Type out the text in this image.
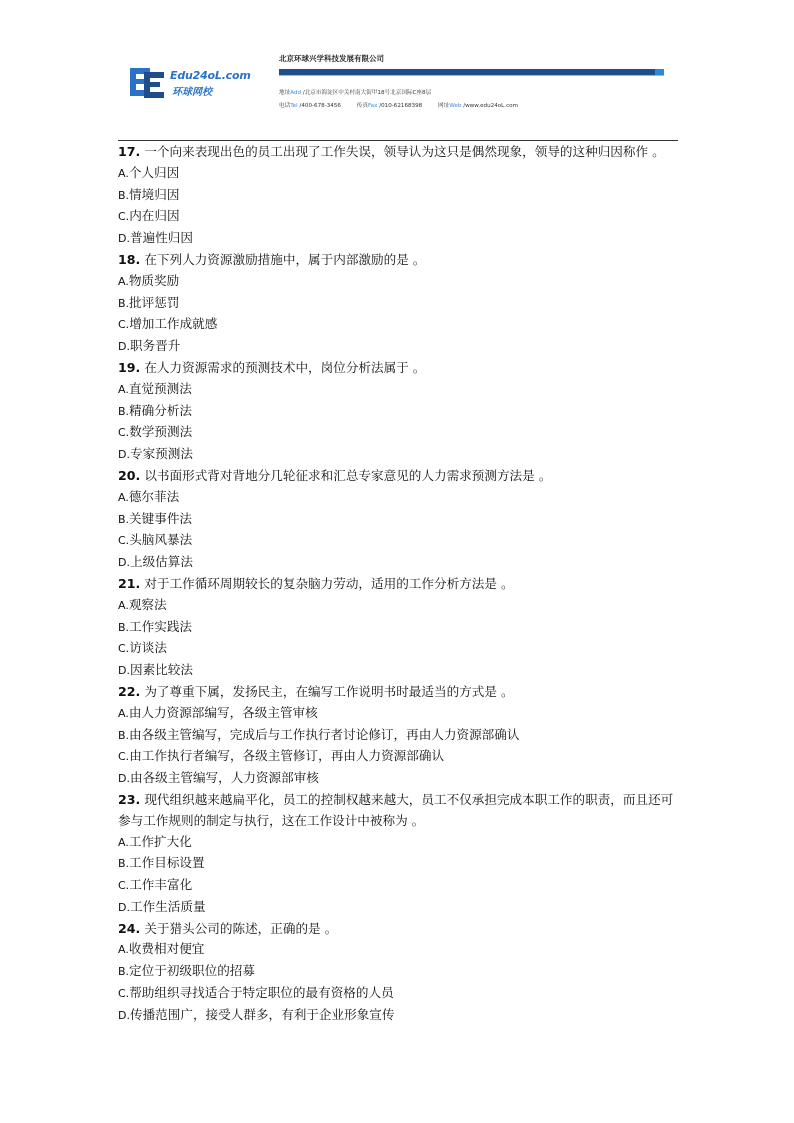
Edu24oL.com
环球网校
北京环球兴学科技发展有限公司
地址Add /北京市海淀区中关村南大街甲18号北京国际C座8层
电话Tel /400-678-3456	传真Fax /010-62168398	网址Web /www.edu24oL.com
17. 一个向来表现出色的员工出现了工作失误，领导认为这只是偶然现象，领导的这种归因称作 。
A.个人归因
B.情境归因
C.内在归因
D.普遍性归因
18. 在下列人力资源激励措施中，属于内部激励的是 。
A.物质奖励
B.批评惩罚
C.增加工作成就感
D.职务晋升
19. 在人力资源需求的预测技术中，岗位分析法属于 。
A.直觉预测法
B.精确分析法
C.数学预测法
D.专家预测法
20. 以书面形式背对背地分几轮征求和汇总专家意见的人力需求预测方法是 。
A.德尔菲法
B.关键事件法
C.头脑风暴法
D.上级估算法
21. 对于工作循环周期较长的复杂脑力劳动，适用的工作分析方法是 。
A.观察法
B.工作实践法
C.访谈法
D.因素比较法
22. 为了尊重下属，发扬民主，在编写工作说明书时最适当的方式是 。
A.由人力资源部编写，各级主管审核
B.由各级主管编写，完成后与工作执行者讨论修订，再由人力资源部确认
C.由工作执行者编写，各级主管修订，再由人力资源部确认
D.由各级主管编写，人力资源部审核
23. 现代组织越来越扁平化，员工的控制权越来越大，员工不仅承担完成本职工作的职责，而且还可参与工作规则的制定与执行，这在工作设计中被称为 。
A.工作扩大化
B.工作目标设置
C.工作丰富化
D.工作生活质量
24. 关于猎头公司的陈述，正确的是 。
A.收费相对便宜
B.定位于初级职位的招募
C.帮助组织寻找适合于特定职位的最有资格的人员
D.传播范围广，接受人群多，有利于企业形象宣传
